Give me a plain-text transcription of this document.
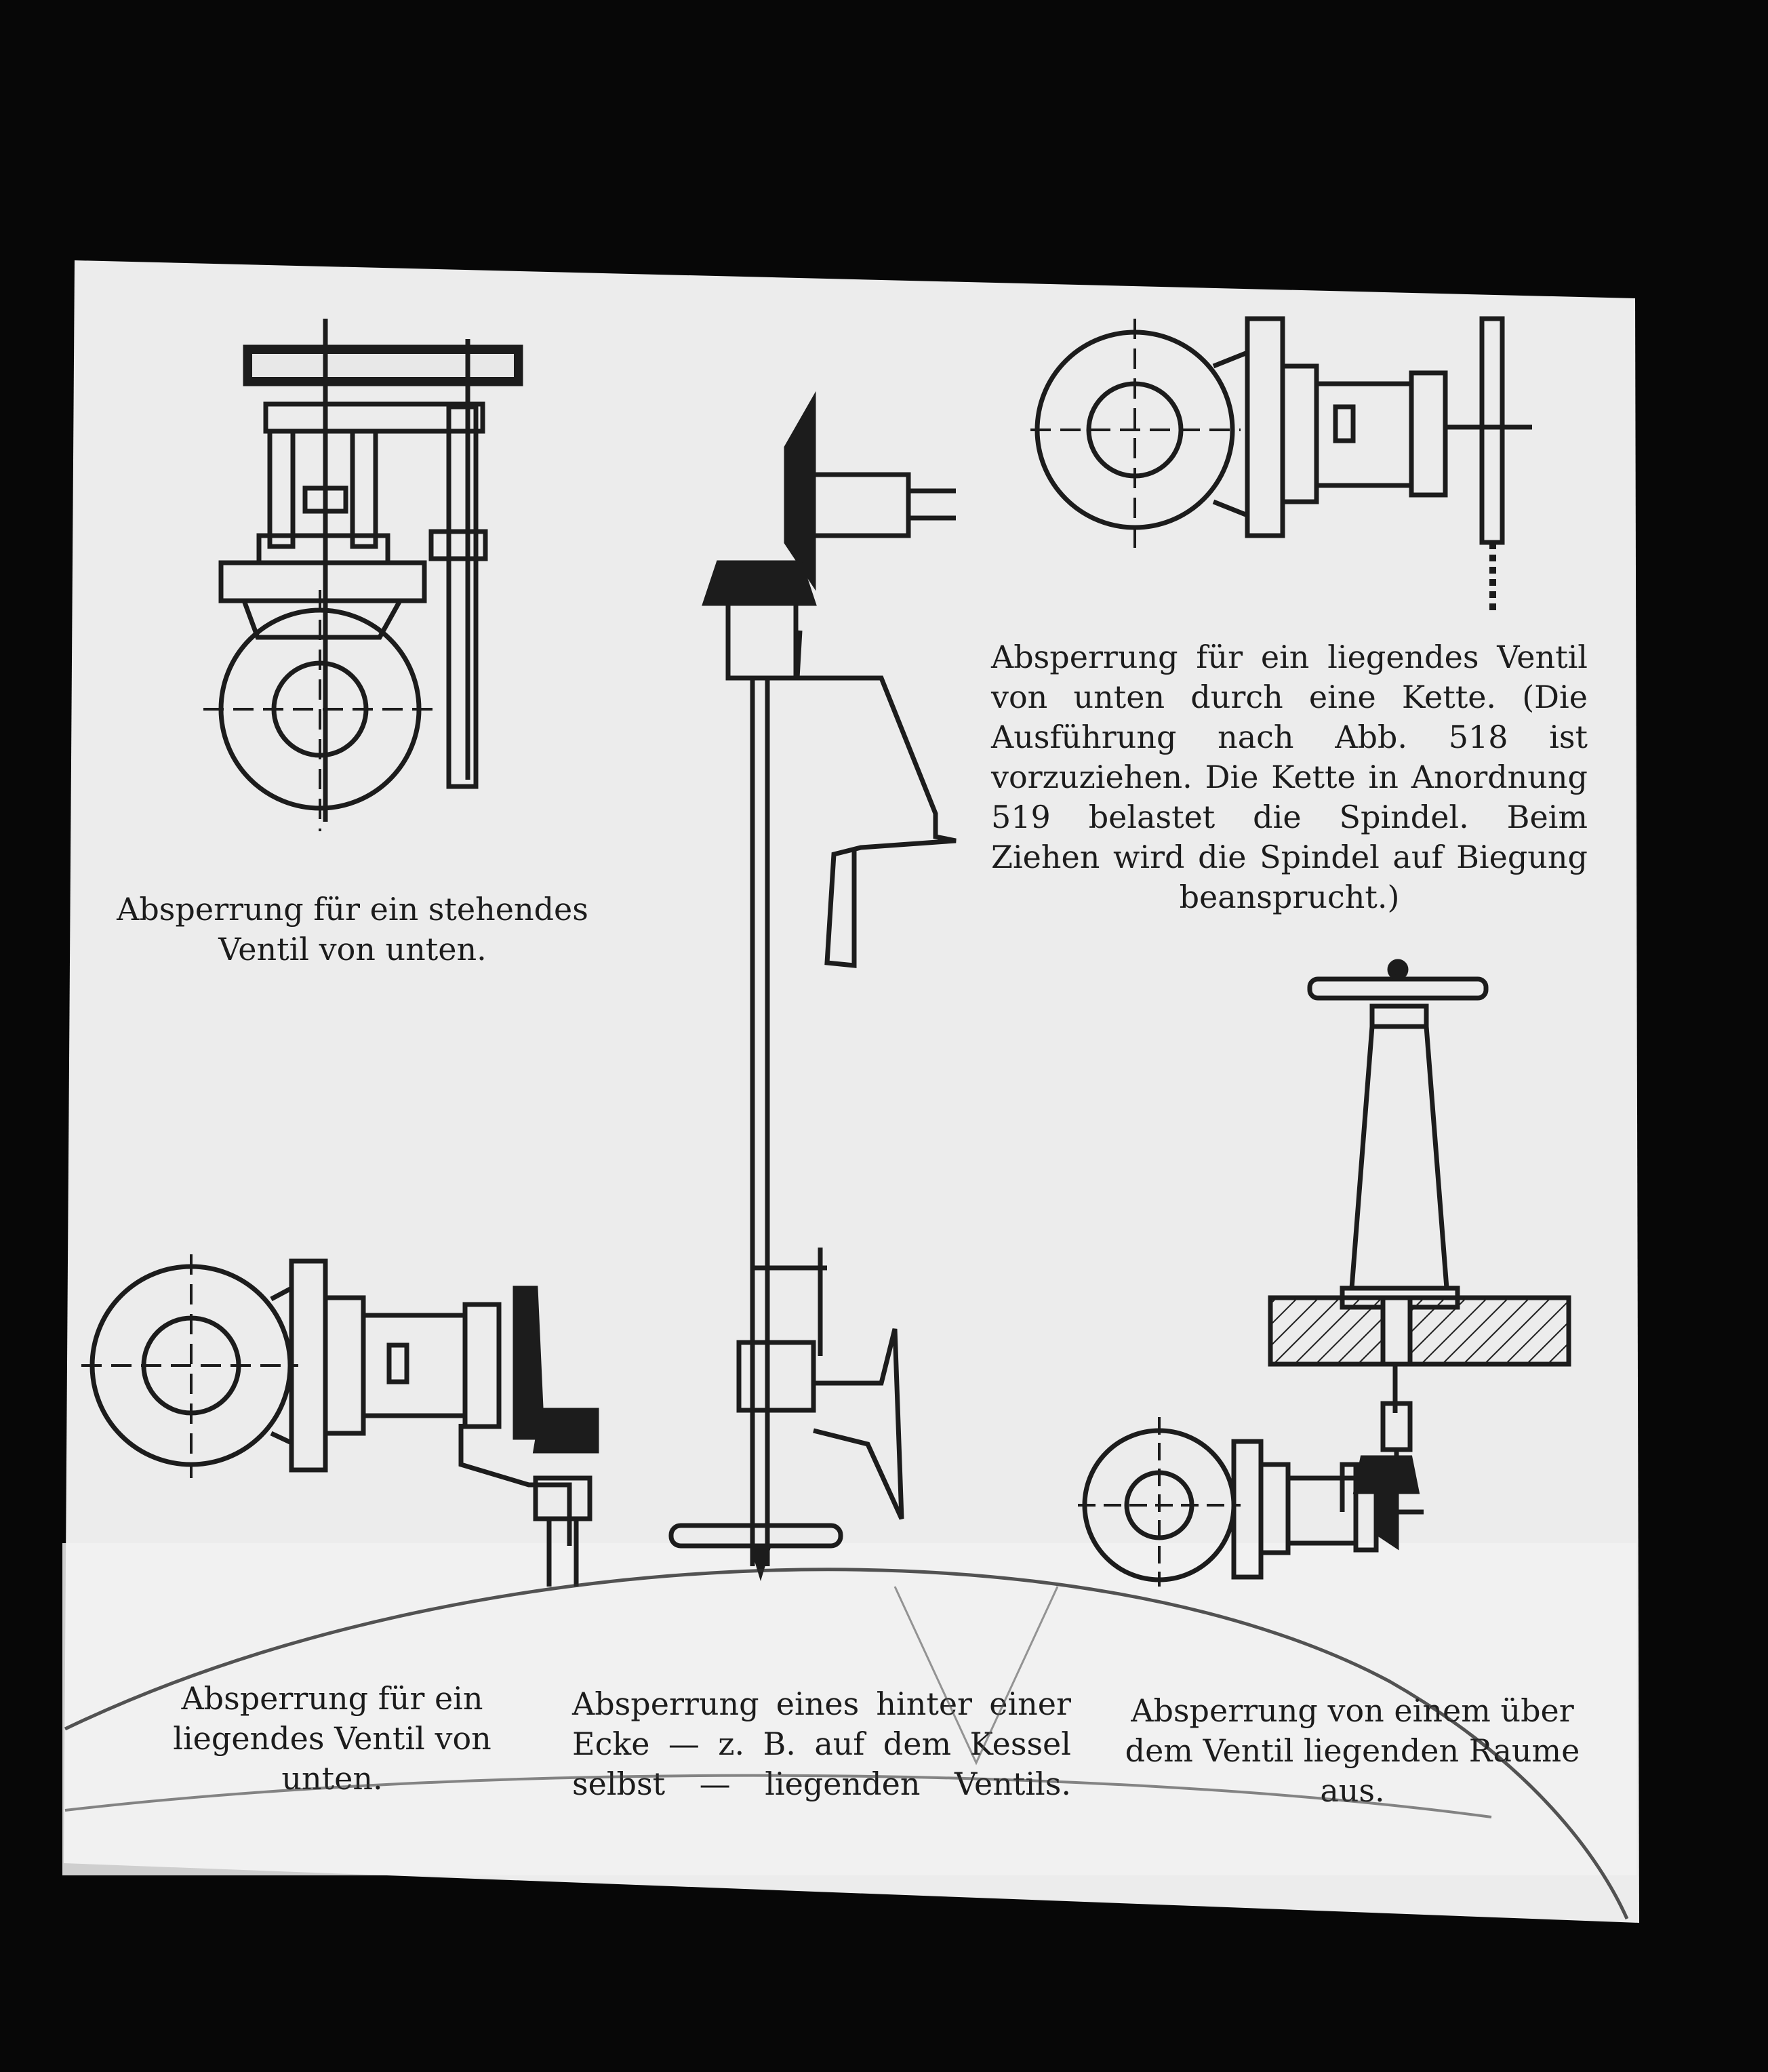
Absperrung für ein liegendes Ventil von unten durch eine Kette. (Die Ausführung nach Abb. 518 ist vorzuziehen. Die Kette in Anordnung 519 belastet die Spindel. Beim Ziehen wird die Spindel auf Biegung beansprucht.)

Absperrung für ein stehendes Ventil von unten.

Absperrung für ein liegendes Ventil von unten.

Absperrung eines hinter einer Ecke — z. B. auf dem Kessel selbst — liegenden Ventils.

Absperrung von einem über dem Ventil liegenden Raume aus.
